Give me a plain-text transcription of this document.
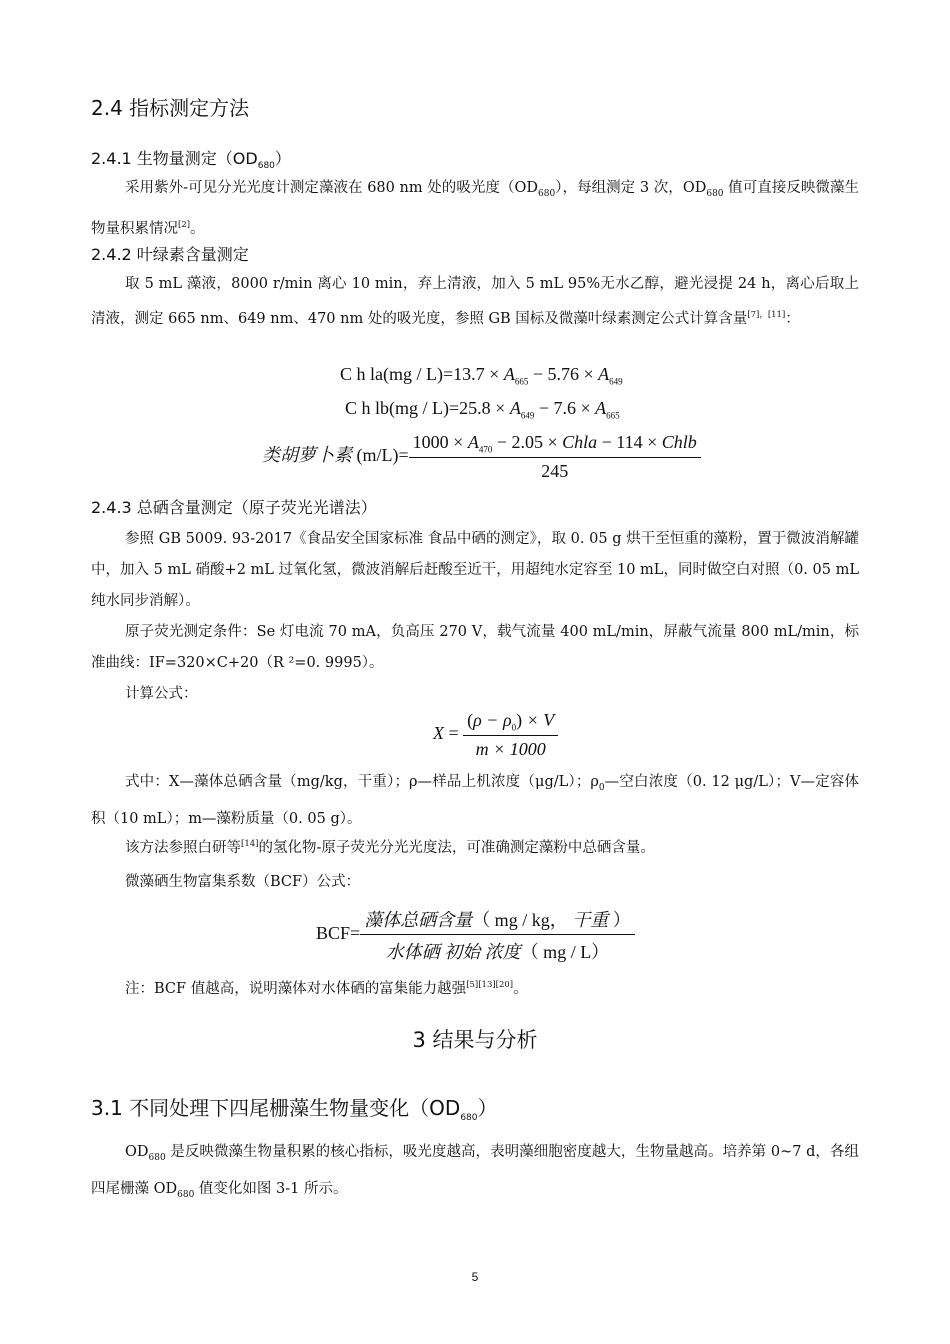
2.4 指标测定方法
2.4.1 生物量测定$(OD_{680})$

采用紫外-可见分光光度计测定藻液在 680 nm 处的吸光度$(OD_{680})$，每组测定 3 次，$OD_{680}$ 值可直接反映微藻生物量积累情况[2]。

2.4.2 叶绿素含量测定

取 5 mL 藻液，8000 r/min 离心 10 min，弃上清液，加入 5 mL 95%无水乙醇，避光浸提 24 h，离心后取上清液，测定 665 nm、649 nm、470 nm 处的吸光度，参照 GB 国标及微藻叶绿素测定公式计算含量[7]，[11]：

C h $la(mg / L)=13.7 \times A_{665} - 5.76 \times A_{649}$
C h $lb(mg / L)=25.8 \times A_{649} - 7.6 \times A_{665}$
类胡萝卜素 $(m/L)= \frac{1000 \times A_{470} - 2.05 \times Chla - 114 \times Chlb}{245}$
2.4.3 总硒含量测定（原子荧光光谱法）

参照 GB 5009. 93-2017《食品安全国家标准 食品中硒的测定》，取 0. 05 g 烘干至恒重的藻粉，置于微波消解罐中，加入 5 mL 硝酸+2 mL 过氧化氢，微波消解后赶酸至近干，用超纯水定容至 10 mL，同时做空白对照（0. 05 mL 纯水同步消解）。

原子荧光测定条件：Se 灯电流 70 mA，负高压 270 V，载气流量 400 mL/min，屏蔽气流量 800 mL/min，标准曲线：IF=320×C+20（R ²=0. 9995）。

计算公式：

$X = \frac{(\rho - \rho_0) \times V}{m \times 1000}$

式中：X—藻体总硒含量（mg/kg，干重）；ρ—样品上机浓度（μg/L）；$\rho_0—$空白浓度（0. 12 μg/L）；V—定容体积（10 mL）；m—藻粉质量（0. 05 g）。

该方法参照白研等[14]的氢化物-原子荧光分光光度法，可准确测定藻粉中总硒含量。

微藻硒生物富集系数（BCF）公式：

$BCF= \frac{\text{藻体总硒含量（ mg / kg， 干重 ）}}{\text{水体硒 初始 浓度（ mg / L）}}$

注：BCF 值越高，说明藻体对水体硒的富集能力越强[5][13][20]。

3 结果与分析
3.1 不同处理下四尾栅藻生物量变化$(OD_{680})$

$OD_{680}$ 是反映微藻生物量积累的核心指标，吸光度越高，表明藻细胞密度越大，生物量越高。培养第 0~7 d，各组四尾栅藻 $OD_{680}$ 值变化如图 3-1 所示。

5
